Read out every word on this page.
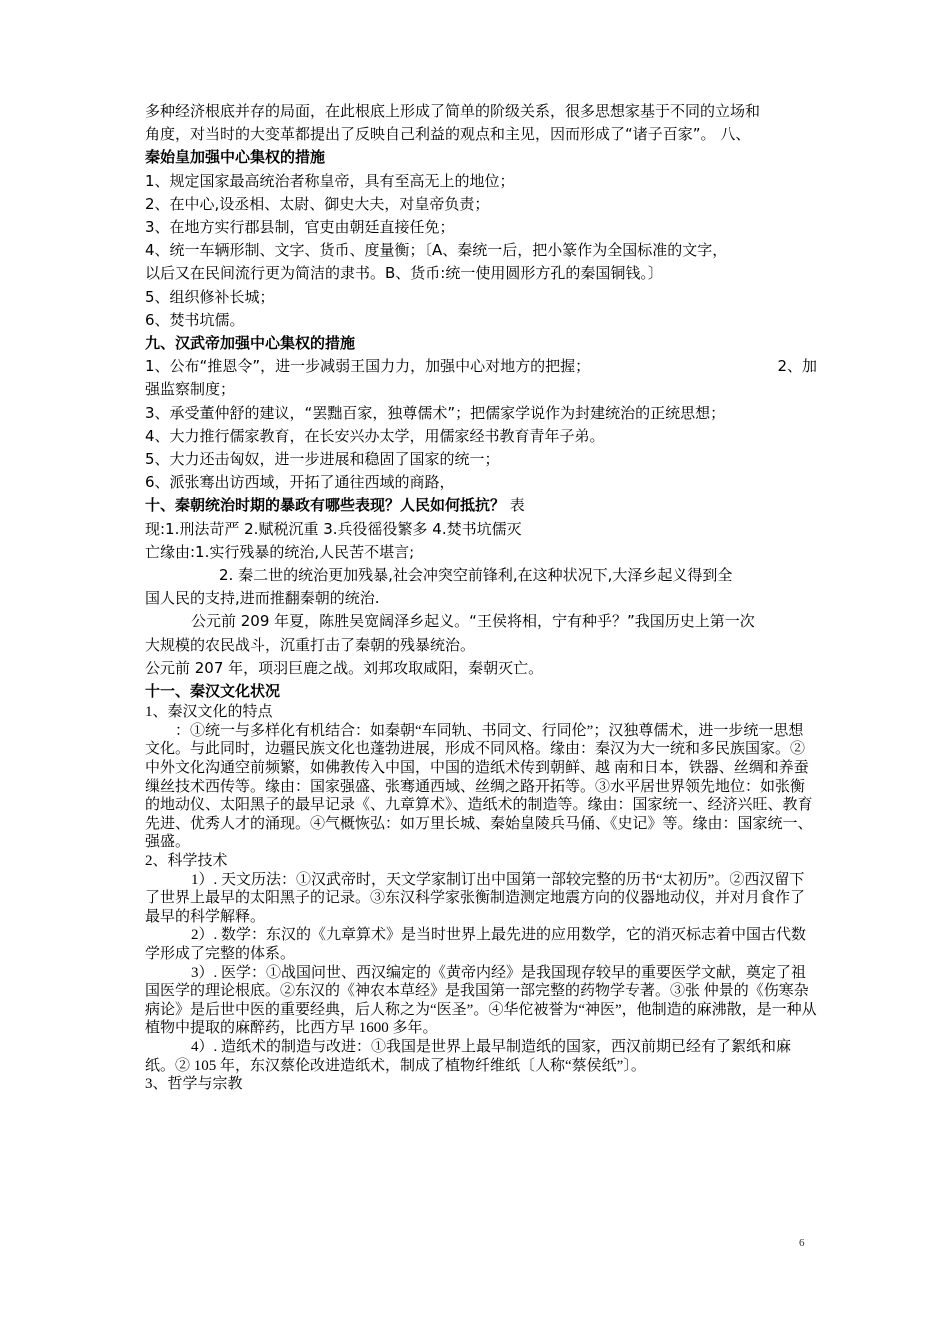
多种经济根底并存的局面，在此根底上形成了简单的阶级关系，很多思想家基于不同的立场和

角度，对当时的大变革都提出了反映自己利益的观点和主见，因而形成了“诸子百家”。 八、

秦始皇加强中心集权的措施

1、规定国家最高统治者称皇帝，具有至高无上的地位；

2、在中心,设丞相、太尉、御史大夫，对皇帝负责；

3、在地方实行郡县制，官吏由朝廷直接任免；

4、统一车辆形制、文字、货币、度量衡；〔A、秦统一后，把小篆作为全国标准的文字，

以后又在民间流行更为简洁的隶书。B、货币:统一使用圆形方孔的秦国铜钱。〕

5、组织修补长城；

6、焚书坑儒。

九、汉武帝加强中心集权的措施

1、公布“推恩令”，进一步减弱王国力力，加强中心对地方的把握；	2、加

强监察制度；

3、承受董仲舒的建议，“罢黜百家，独尊儒术”；把儒家学说作为封建统治的正统思想；

4、大力推行儒家教育，在长安兴办太学，用儒家经书教育青年子弟。

5、大力还击匈奴，进一步进展和稳固了国家的统一；

6、派张骞出访西域，开拓了通往西域的商路，

十、秦朝统治时期的暴政有哪些表现？人民如何抵抗？ 表

现:1.刑法苛严 2.赋税沉重 3.兵役徭役繁多 4.焚书坑儒灭

亡缘由:1.实行残暴的统治,人民苦不堪言;

2. 秦二世的统治更加残暴,社会冲突空前锋利,在这种状况下,大泽乡起义得到全

国人民的支持,进而推翻秦朝的统治.

公元前 209 年夏，陈胜吴宽阔泽乡起义。“王侯将相，宁有种乎？”我国历史上第一次

大规模的农民战斗，沉重打击了秦朝的残暴统治。

公元前 207 年，项羽巨鹿之战。刘邦攻取咸阳，秦朝灭亡。

十一、秦汉文化状况

1、秦汉文化的特点

：①统一与多样化有机结合：如秦朝“车同轨、书同文、行同伦”；汉独尊儒术，进一步统一思想文化。与此同时，边疆民族文化也蓬勃进展，形成不同风格。缘由：秦汉为大一统和多民族国家。②中外文化沟通空前频繁，如佛教传入中国，中国的造纸术传到朝鲜、越 南和日本，铁器、丝绸和养蚕缫丝技术西传等。缘由：国家强盛、张骞通西域、丝绸之路开拓等。③水平居世界领先地位：如张衡的地动仪、太阳黑子的最早记录《、九章算术》、造纸术的制造等。缘由：国家统一、经济兴旺、教育先进、优秀人才的涌现。④气概恢弘：如万里长城、秦始皇陵兵马俑、《史记》等。缘由：国家统一、强盛。

2、科学技术

1）. 天文历法：①汉武帝时，天文学家制订出中国第一部较完整的历书“太初历”。②西汉留下了世界上最早的太阳黑子的记录。③东汉科学家张衡制造测定地震方向的仪器地动仪，并对月食作了最早的科学解释。

2）. 数学：东汉的《九章算术》是当时世界上最先进的应用数学，它的消灭标志着中国古代数学形成了完整的体系。

3）. 医学：①战国问世、西汉编定的《黄帝内经》是我国现存较早的重要医学文献，奠定了祖国医学的理论根底。②东汉的《神农本草经》是我国第一部完整的药物学专著。③张 仲景的《伤寒杂病论》是后世中医的重要经典，后人称之为“医圣”。④华佗被誉为“神医”，他制造的麻沸散，是一种从植物中提取的麻醉药，比西方早 1600 多年。

4）. 造纸术的制造与改进：①我国是世界上最早制造纸的国家，西汉前期已经有了絮纸和麻纸。② 105 年，东汉蔡伦改进造纸术，制成了植物纤维纸〔人称“蔡侯纸”〕。

3、哲学与宗教

6
